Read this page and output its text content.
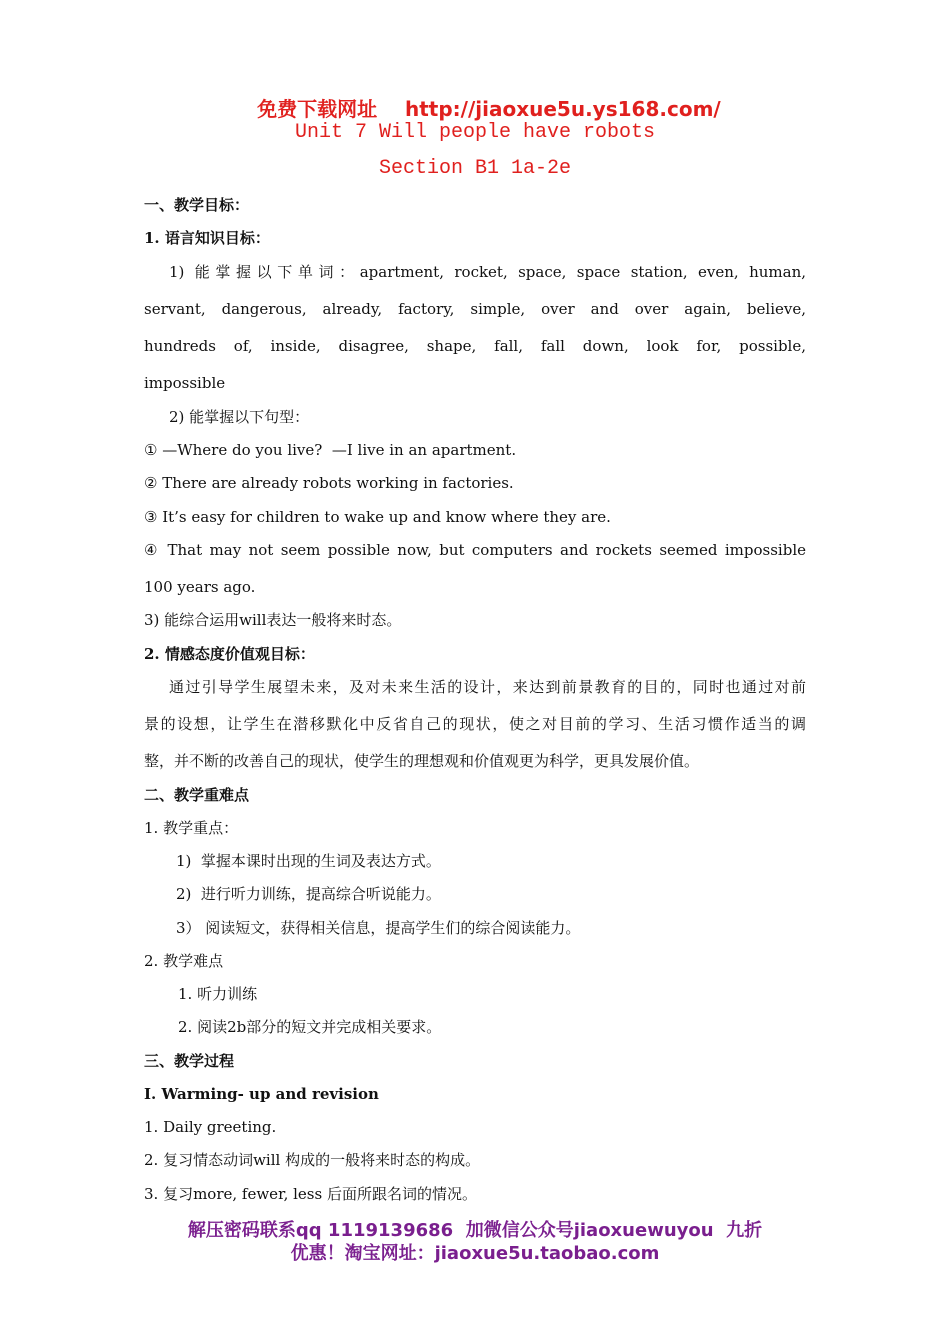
免费下载网址 http://jiaoxue5u.ys168.com/

Unit 7 Will people have robots
Section B1 1a-2e
一、教学目标：
1. 语言知识目标：
1) 能掌握以下单词：apartment, rocket, space, space station, even, human,
servant, dangerous, already, factory, simple, over and over again, believe,
hundreds of, inside, disagree, shape, fall, fall down, look for, possible,
impossible
2) 能掌握以下句型：
① —Where do you live?  —I live in an apartment.
② There are already robots working in factories.
③ It’s easy for children to wake up and know where they are.
④ That may not seem possible now, but computers and rockets seemed impossible
100 years ago.
3) 能综合运用will表达一般将来时态。
2. 情感态度价值观目标：
通过引导学生展望未来，及对未来生活的设计，来达到前景教育的目的，同时也通过对前
景的设想，让学生在潜移默化中反省自己的现状，使之对目前的学习、生活习惯作适当的调
整，并不断的改善自己的现状，使学生的理想观和价值观更为科学，更具发展价值。
二、教学重难点
1. 教学重点：
1)  掌握本课时出现的生词及表达方式。
2)  进行听力训练，提高综合听说能力。
3） 阅读短文，获得相关信息，提高学生们的综合阅读能力。
2. 教学难点
1. 听力训练
2. 阅读2b部分的短文并完成相关要求。
三、教学过程
Ⅰ. Warming- up and revision
1. Daily greeting.
2. 复习情态动词will 构成的一般将来时态的构成。
3. 复习more, fewer, less 后面所跟名词的情况。
解压密码联系qq 1119139686  加微信公众号jiaoxuewuyou  九折
优惠！淘宝网址：jiaoxue5u.taobao.com
